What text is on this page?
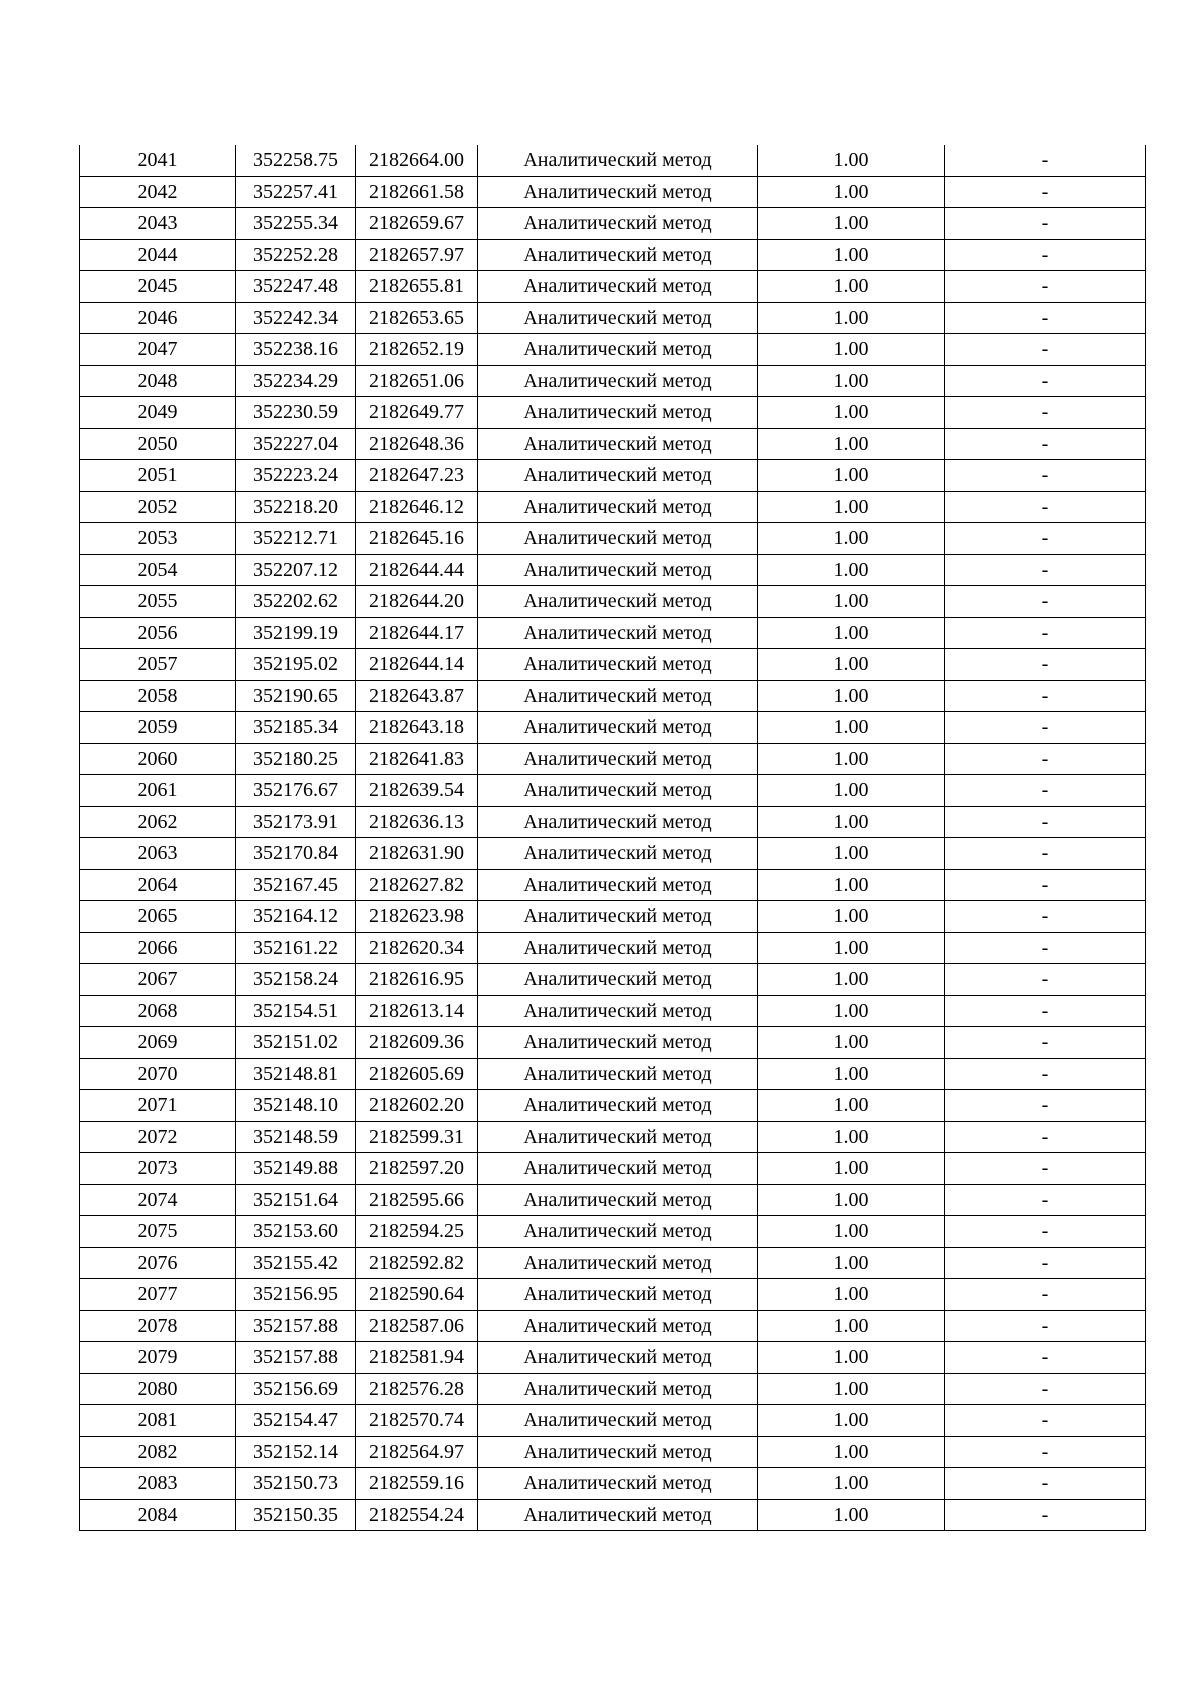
2041	352258.75	2182664.00	Аналитический метод	1.00	-
2042	352257.41	2182661.58	Аналитический метод	1.00	-
2043	352255.34	2182659.67	Аналитический метод	1.00	-
2044	352252.28	2182657.97	Аналитический метод	1.00	-
2045	352247.48	2182655.81	Аналитический метод	1.00	-
2046	352242.34	2182653.65	Аналитический метод	1.00	-
2047	352238.16	2182652.19	Аналитический метод	1.00	-
2048	352234.29	2182651.06	Аналитический метод	1.00	-
2049	352230.59	2182649.77	Аналитический метод	1.00	-
2050	352227.04	2182648.36	Аналитический метод	1.00	-
2051	352223.24	2182647.23	Аналитический метод	1.00	-
2052	352218.20	2182646.12	Аналитический метод	1.00	-
2053	352212.71	2182645.16	Аналитический метод	1.00	-
2054	352207.12	2182644.44	Аналитический метод	1.00	-
2055	352202.62	2182644.20	Аналитический метод	1.00	-
2056	352199.19	2182644.17	Аналитический метод	1.00	-
2057	352195.02	2182644.14	Аналитический метод	1.00	-
2058	352190.65	2182643.87	Аналитический метод	1.00	-
2059	352185.34	2182643.18	Аналитический метод	1.00	-
2060	352180.25	2182641.83	Аналитический метод	1.00	-
2061	352176.67	2182639.54	Аналитический метод	1.00	-
2062	352173.91	2182636.13	Аналитический метод	1.00	-
2063	352170.84	2182631.90	Аналитический метод	1.00	-
2064	352167.45	2182627.82	Аналитический метод	1.00	-
2065	352164.12	2182623.98	Аналитический метод	1.00	-
2066	352161.22	2182620.34	Аналитический метод	1.00	-
2067	352158.24	2182616.95	Аналитический метод	1.00	-
2068	352154.51	2182613.14	Аналитический метод	1.00	-
2069	352151.02	2182609.36	Аналитический метод	1.00	-
2070	352148.81	2182605.69	Аналитический метод	1.00	-
2071	352148.10	2182602.20	Аналитический метод	1.00	-
2072	352148.59	2182599.31	Аналитический метод	1.00	-
2073	352149.88	2182597.20	Аналитический метод	1.00	-
2074	352151.64	2182595.66	Аналитический метод	1.00	-
2075	352153.60	2182594.25	Аналитический метод	1.00	-
2076	352155.42	2182592.82	Аналитический метод	1.00	-
2077	352156.95	2182590.64	Аналитический метод	1.00	-
2078	352157.88	2182587.06	Аналитический метод	1.00	-
2079	352157.88	2182581.94	Аналитический метод	1.00	-
2080	352156.69	2182576.28	Аналитический метод	1.00	-
2081	352154.47	2182570.74	Аналитический метод	1.00	-
2082	352152.14	2182564.97	Аналитический метод	1.00	-
2083	352150.73	2182559.16	Аналитический метод	1.00	-
2084	352150.35	2182554.24	Аналитический метод	1.00	-
